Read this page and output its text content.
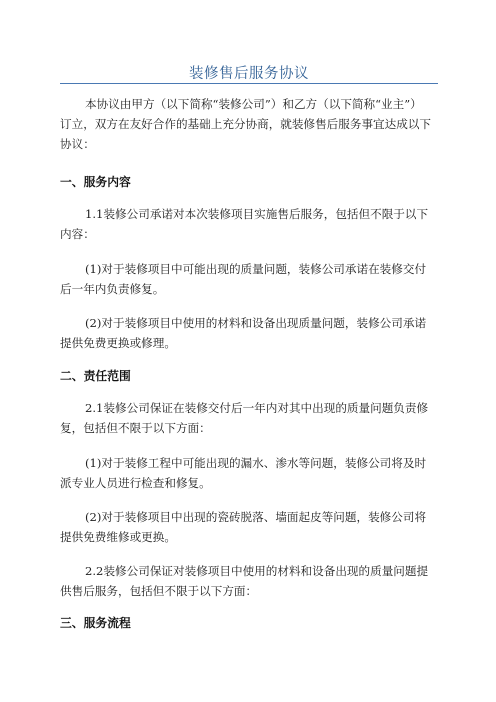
装修售后服务协议
本协议由甲方（以下简称“装修公司”）和乙方（以下简称“业主”）
订立，双方在友好合作的基础上充分协商，就装修售后服务事宜达成以下
协议：
一、服务内容
1.1装修公司承诺对本次装修项目实施售后服务，包括但不限于以下
内容：
(1)对于装修项目中可能出现的质量问题，装修公司承诺在装修交付
后一年内负责修复。
(2)对于装修项目中使用的材料和设备出现质量问题，装修公司承诺
提供免费更换或修理。
二、责任范围
2.1装修公司保证在装修交付后一年内对其中出现的质量问题负责修
复，包括但不限于以下方面：
(1)对于装修工程中可能出现的漏水、渗水等问题，装修公司将及时
派专业人员进行检查和修复。
(2)对于装修项目中出现的瓷砖脱落、墙面起皮等问题，装修公司将
提供免费维修或更换。
2.2装修公司保证对装修项目中使用的材料和设备出现的质量问题提
供售后服务，包括但不限于以下方面：
三、服务流程
